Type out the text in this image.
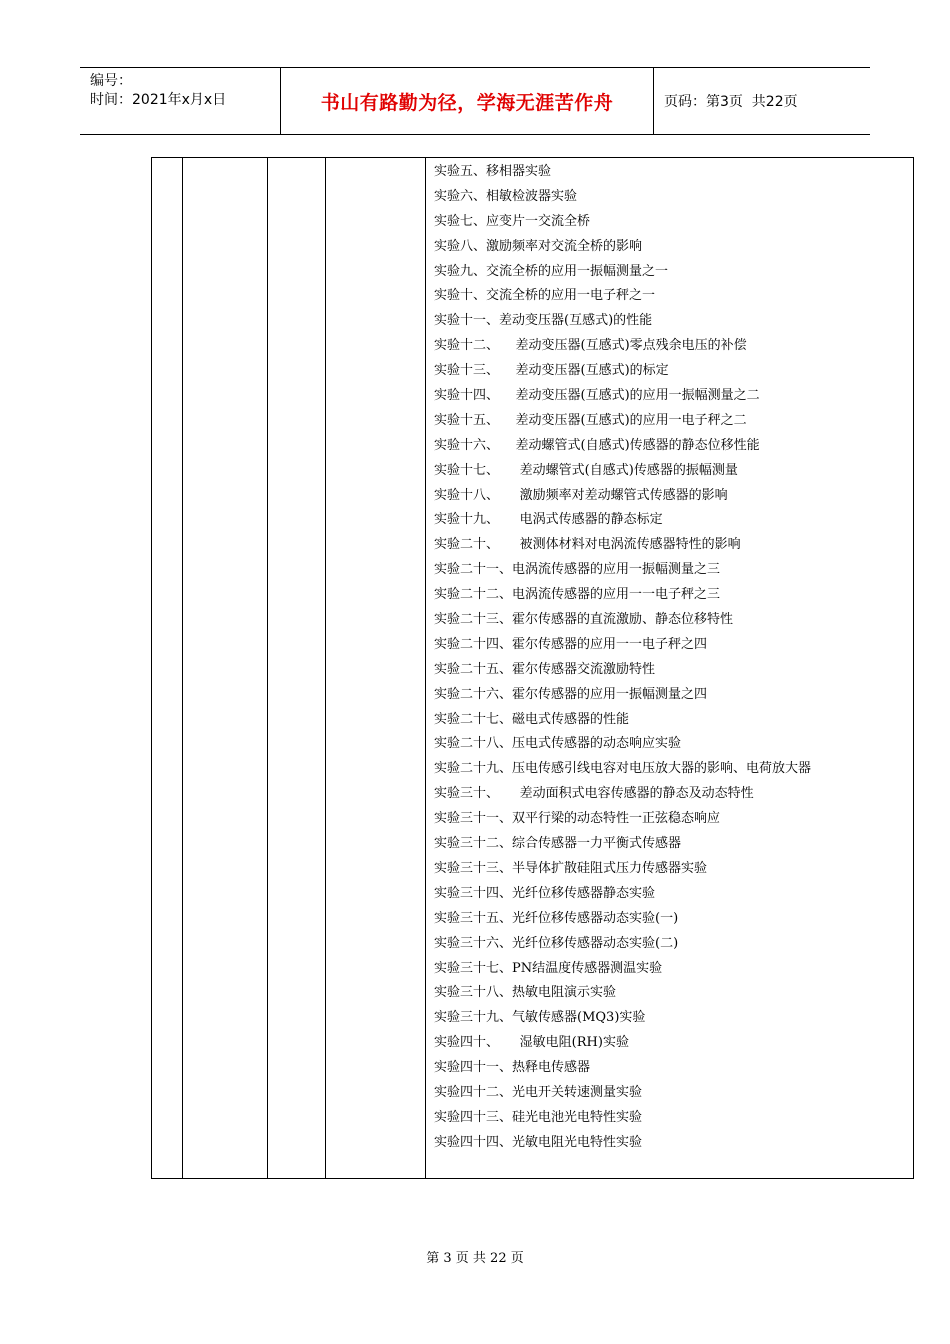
编号：
时间：2021年x月x日	书山有路勤为径，学海无涯苦作舟	页码：第3页  共22页
实验五、移相器实验
实验六、相敏检波器实验
实验七、应变片一交流全桥
实验八、激励频率对交流全桥的影响
实验九、交流全桥的应用一振幅测量之一
实验十、交流全桥的应用一电子秤之一
实验十一、差动变压器(互感式)的性能
实验十二、    差动变压器(互感式)零点残余电压的补偿
实验十三、    差动变压器(互感式)的标定
实验十四、    差动变压器(互感式)的应用一振幅测量之二
实验十五、    差动变压器(互感式)的应用一电子秤之二
实验十六、    差动螺管式(自感式)传感器的静态位移性能
实验十七、     差动螺管式(自感式)传感器的振幅测量
实验十八、     激励频率对差动螺管式传感器的影响
实验十九、     电涡式传感器的静态标定
实验二十、     被测体材料对电涡流传感器特性的影响
实验二十一、电涡流传感器的应用一振幅测量之三
实验二十二、电涡流传感器的应用一一电子秤之三
实验二十三、霍尔传感器的直流激励、静态位移特性
实验二十四、霍尔传感器的应用一一电子秤之四
实验二十五、霍尔传感器交流激励特性
实验二十六、霍尔传感器的应用一振幅测量之四
实验二十七、磁电式传感器的性能
实验二十八、压电式传感器的动态响应实验
实验二十九、压电传感引线电容对电压放大器的影响、电荷放大器
实验三十、     差动面积式电容传感器的静态及动态特性
实验三十一、双平行梁的动态特性一正弦稳态响应
实验三十二、综合传感器一力平衡式传感器
实验三十三、半导体扩散硅阻式压力传感器实验
实验三十四、光纤位移传感器静态实验
实验三十五、光纤位移传感器动态实验(一)
实验三十六、光纤位移传感器动态实验(二)
实验三十七、PN结温度传感器测温实验
实验三十八、热敏电阻演示实验
实验三十九、气敏传感器(MQ3)实验
实验四十、     湿敏电阻(RH)实验
实验四十一、热释电传感器
实验四十二、光电开关转速测量实验
实验四十三、硅光电池光电特性实验
实验四十四、光敏电阻光电特性实验
第 3 页 共 22 页
